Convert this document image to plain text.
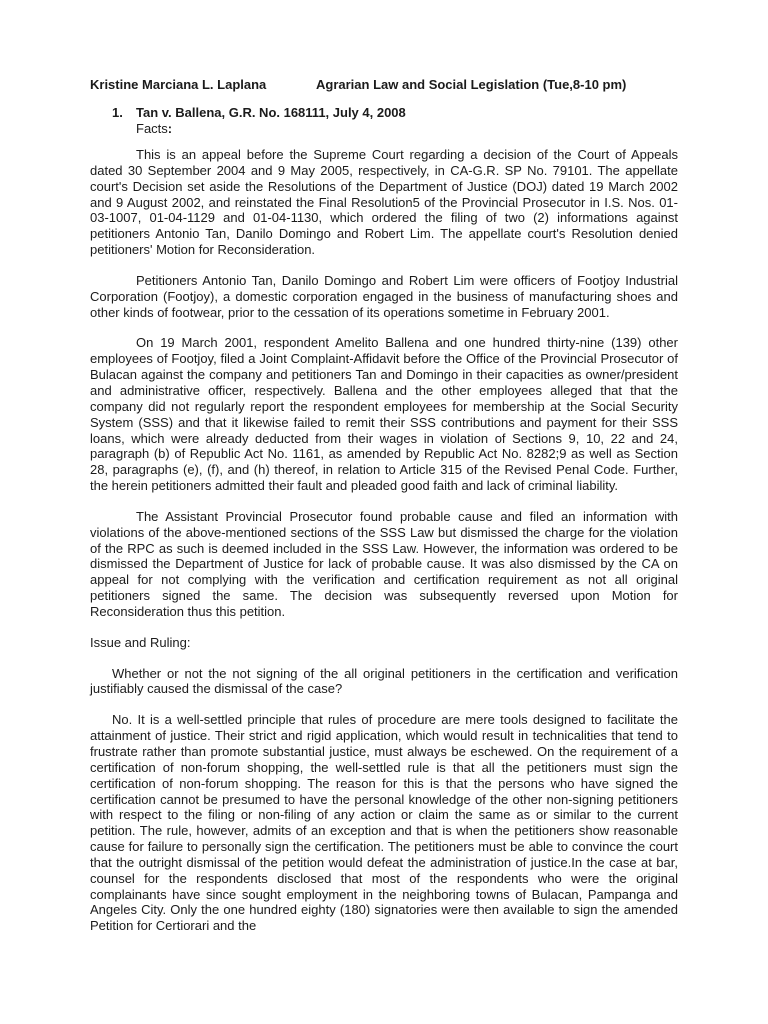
Kristine Marciana L. Laplana	Agrarian Law and Social Legislation (Tue,8-10 pm)
1. Tan v. Ballena, G.R. No. 168111, July 4, 2008
Facts:

This is an appeal before the Supreme Court regarding a decision of the Court of Appeals dated 30 September 2004 and 9 May 2005, respectively, in CA-G.R. SP No. 79101. The appellate court's Decision set aside the Resolutions of the Department of Justice (DOJ) dated 19 March 2002 and 9 August 2002, and reinstated the Final Resolution5 of the Provincial Prosecutor in I.S. Nos. 01-03-1007, 01-04-1129 and 01-04-1130, which ordered the filing of two (2) informations against petitioners Antonio Tan, Danilo Domingo and Robert Lim. The appellate court's Resolution denied petitioners' Motion for Reconsideration.

Petitioners Antonio Tan, Danilo Domingo and Robert Lim were officers of Footjoy Industrial Corporation (Footjoy), a domestic corporation engaged in the business of manufacturing shoes and other kinds of footwear, prior to the cessation of its operations sometime in February 2001.

On 19 March 2001, respondent Amelito Ballena and one hundred thirty-nine (139) other employees of Footjoy, filed a Joint Complaint-Affidavit before the Office of the Provincial Prosecutor of Bulacan against the company and petitioners Tan and Domingo in their capacities as owner/president and administrative officer, respectively. Ballena and the other employees alleged that that the company did not regularly report the respondent employees for membership at the Social Security System (SSS) and that it likewise failed to remit their SSS contributions and payment for their SSS loans, which were already deducted from their wages in violation of Sections 9, 10, 22 and 24, paragraph (b) of Republic Act No. 1161, as amended by Republic Act No. 8282;9 as well as Section 28, paragraphs (e), (f), and (h) thereof, in relation to Article 315 of the Revised Penal Code. Further, the herein petitioners admitted their fault and pleaded good faith and lack of criminal liability.

The Assistant Provincial Prosecutor found probable cause and filed an information with violations of the above-mentioned sections of the SSS Law but dismissed the charge for the violation of the RPC as such is deemed included in the SSS Law. However, the information was ordered to be dismissed the Department of Justice for lack of probable cause. It was also dismissed by the CA on appeal for not complying with the verification and certification requirement as not all original petitioners signed the same. The decision was subsequently reversed upon Motion for Reconsideration thus this petition.

Issue and Ruling:

Whether or not the not signing of the all original petitioners in the certification and verification justifiably caused the dismissal of the case?

No. It is a well-settled principle that rules of procedure are mere tools designed to facilitate the attainment of justice. Their strict and rigid application, which would result in technicalities that tend to frustrate rather than promote substantial justice, must always be eschewed. On the requirement of a certification of non-forum shopping, the well-settled rule is that all the petitioners must sign the certification of non-forum shopping. The reason for this is that the persons who have signed the certification cannot be presumed to have the personal knowledge of the other non-signing petitioners with respect to the filing or non-filing of any action or claim the same as or similar to the current petition. The rule, however, admits of an exception and that is when the petitioners show reasonable cause for failure to personally sign the certification. The petitioners must be able to convince the court that the outright dismissal of the petition would defeat the administration of justice.In the case at bar, counsel for the respondents disclosed that most of the respondents who were the original complainants have since sought employment in the neighboring towns of Bulacan, Pampanga and Angeles City. Only the one hundred eighty (180) signatories were then available to sign the amended Petition for Certiorari and the
